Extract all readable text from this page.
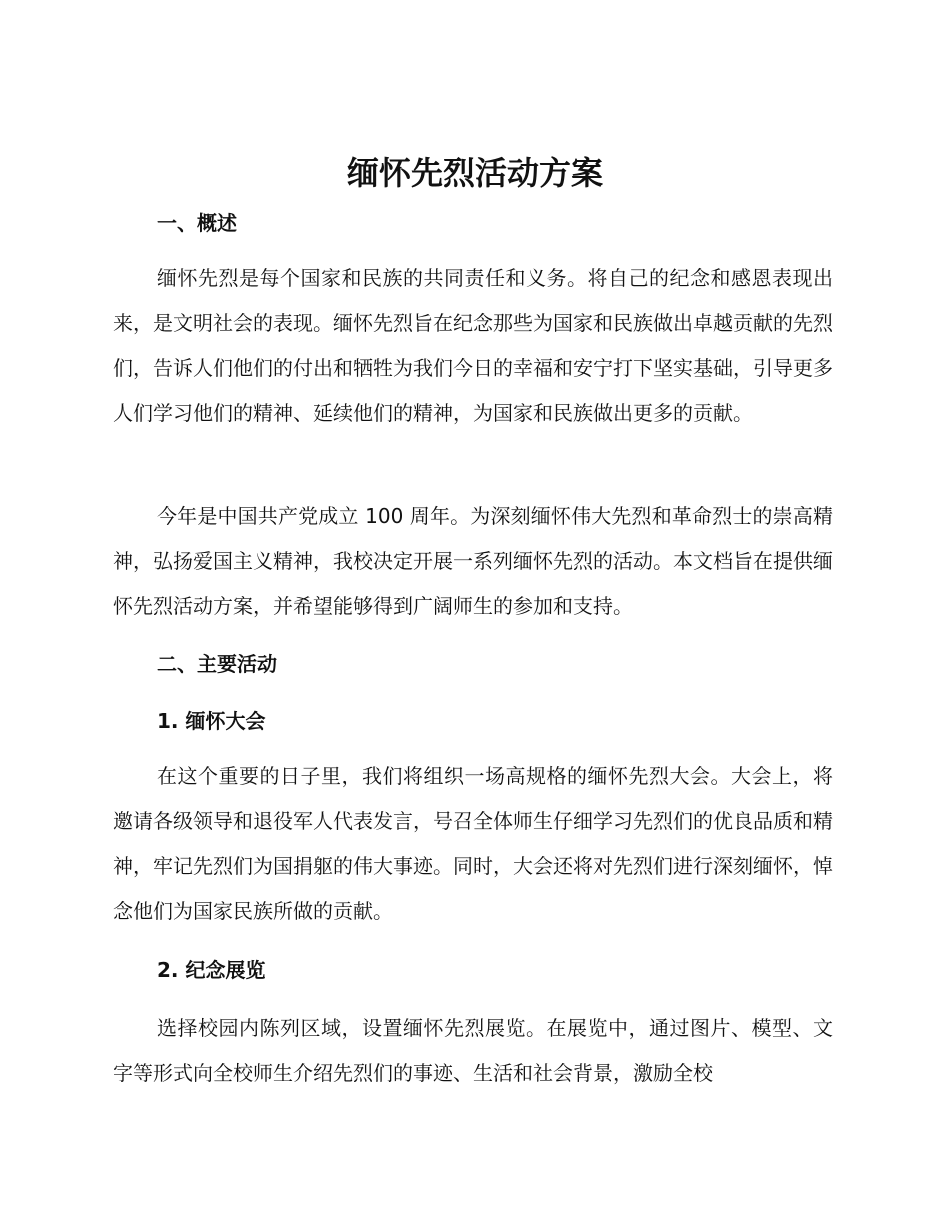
缅怀先烈活动方案
一、概述

缅怀先烈是每个国家和民族的共同责任和义务。将自己的纪念和感恩表现出来，是文明社会的表现。缅怀先烈旨在纪念那些为国家和民族做出卓越贡献的先烈们，告诉人们他们的付出和牺牲为我们今日的幸福和安宁打下坚实基础，引导更多人们学习他们的精神、延续他们的精神，为国家和民族做出更多的贡献。

今年是中国共产党成立 100 周年。为深刻缅怀伟大先烈和革命烈士的崇高精神，弘扬爱国主义精神，我校决定开展一系列缅怀先烈的活动。本文档旨在提供缅怀先烈活动方案，并希望能够得到广阔师生的参加和支持。

二、主要活动
1. 缅怀大会

在这个重要的日子里，我们将组织一场高规格的缅怀先烈大会。大会上，将邀请各级领导和退役军人代表发言，号召全体师生仔细学习先烈们的优良品质和精神，牢记先烈们为国捐躯的伟大事迹。同时，大会还将对先烈们进行深刻缅怀，悼念他们为国家民族所做的贡献。

2. 纪念展览

选择校园内陈列区域，设置缅怀先烈展览。在展览中，通过图片、模型、文字等形式向全校师生介绍先烈们的事迹、生活和社会背景，激励全校
